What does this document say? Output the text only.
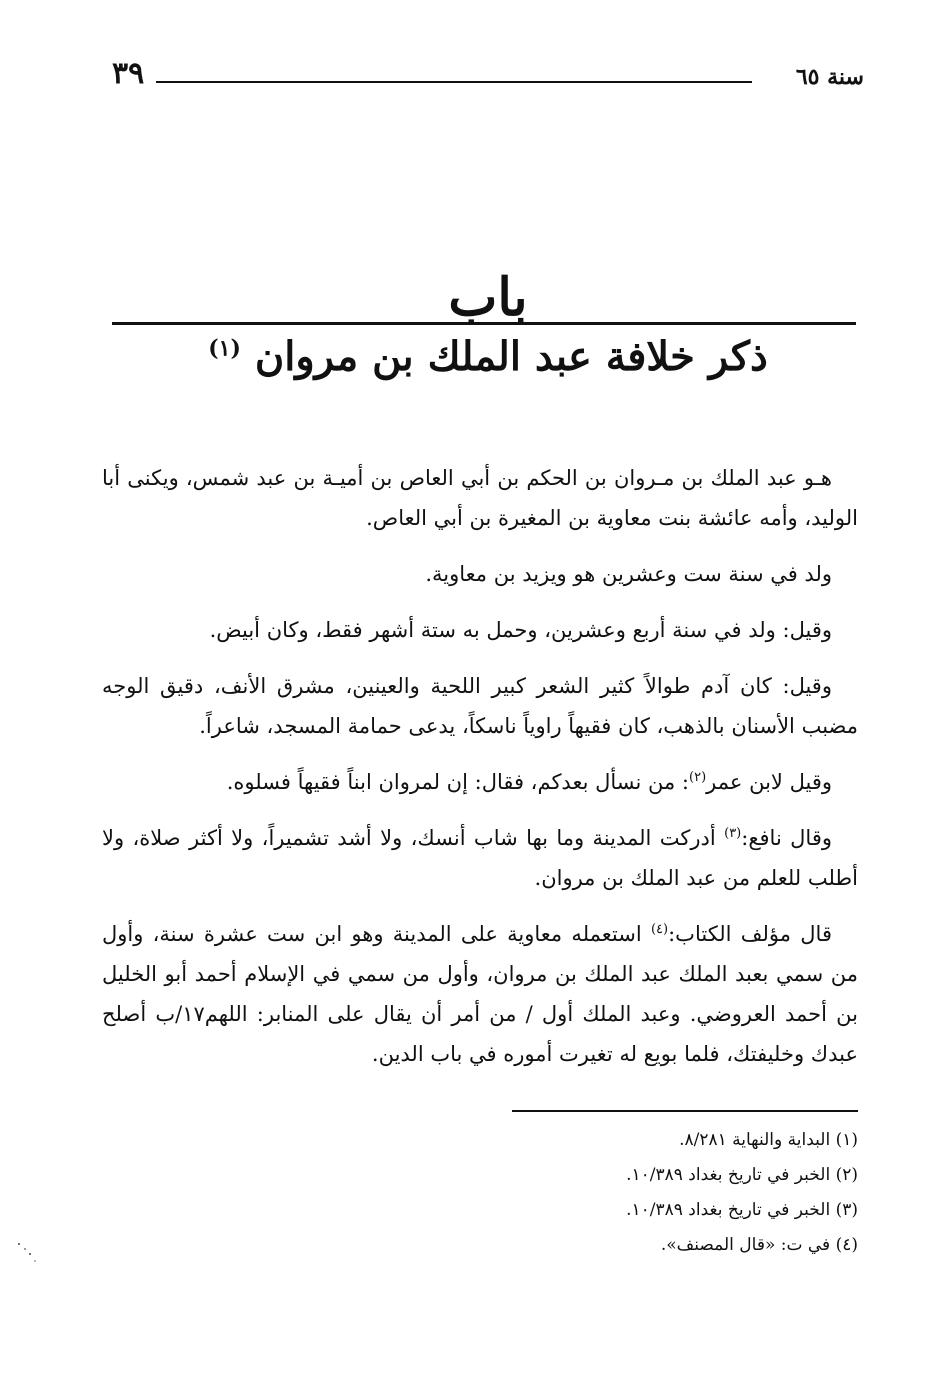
سنة ٦٥
٣٩
باب
ذكر خلافة عبد الملك بن مروان $^{(١)}$

هـو عبد الملك بن مـروان بن الحكم بن أبي العاص بن أميـة بن عبد شمس، ويكنى أبا الوليد، وأمه عائشة بنت معاوية بن المغيرة بن أبي العاص.

ولد في سنة ست وعشرين هو ويزيد بن معاوية.

وقيل: ولد في سنة أربع وعشرين، وحمل به ستة أشهر فقط، وكان أبيض.

وقيل: كان آدم طوالاً كثير الشعر كبير اللحية والعينين، مشرق الأنف، دقيق الوجه مضبب الأسنان بالذهب، كان فقيهاً راوياً ناسكاً، يدعى حمامة المسجد، شاعراً.

وقيل لابن عمر$^{(٢)}$: من نسأل بعدكم، فقال: إن لمروان ابناً فقيهاً فسلوه.

وقال نافع:$^{(٣)}$ أدركت المدينة وما بها شاب أنسك، ولا أشد تشميراً، ولا أكثر صلاة، ولا أطلب للعلم من عبد الملك بن مروان.

قال مؤلف الكتاب:$^{(٤)}$ استعمله معاوية على المدينة وهو ابن ست عشرة سنة، وأول من سمي بعبد الملك عبد الملك بن مروان، وأول من سمي في الإسلام أحمد أبو الخليل بن أحمد العروضي. وعبد الملك أول / من أمر أن يقال على المنابر: اللهم١٧/ب أصلح عبدك وخليفتك، فلما بويع له تغيرت أموره في باب الدين.

(١) البداية والنهاية ٨/٢٨١.

(٢) الخبر في تاريخ بغداد ١٠/٣٨٩.

(٣) الخبر في تاريخ بغداد ١٠/٣٨٩.

(٤) في ت: «قال المصنف».
